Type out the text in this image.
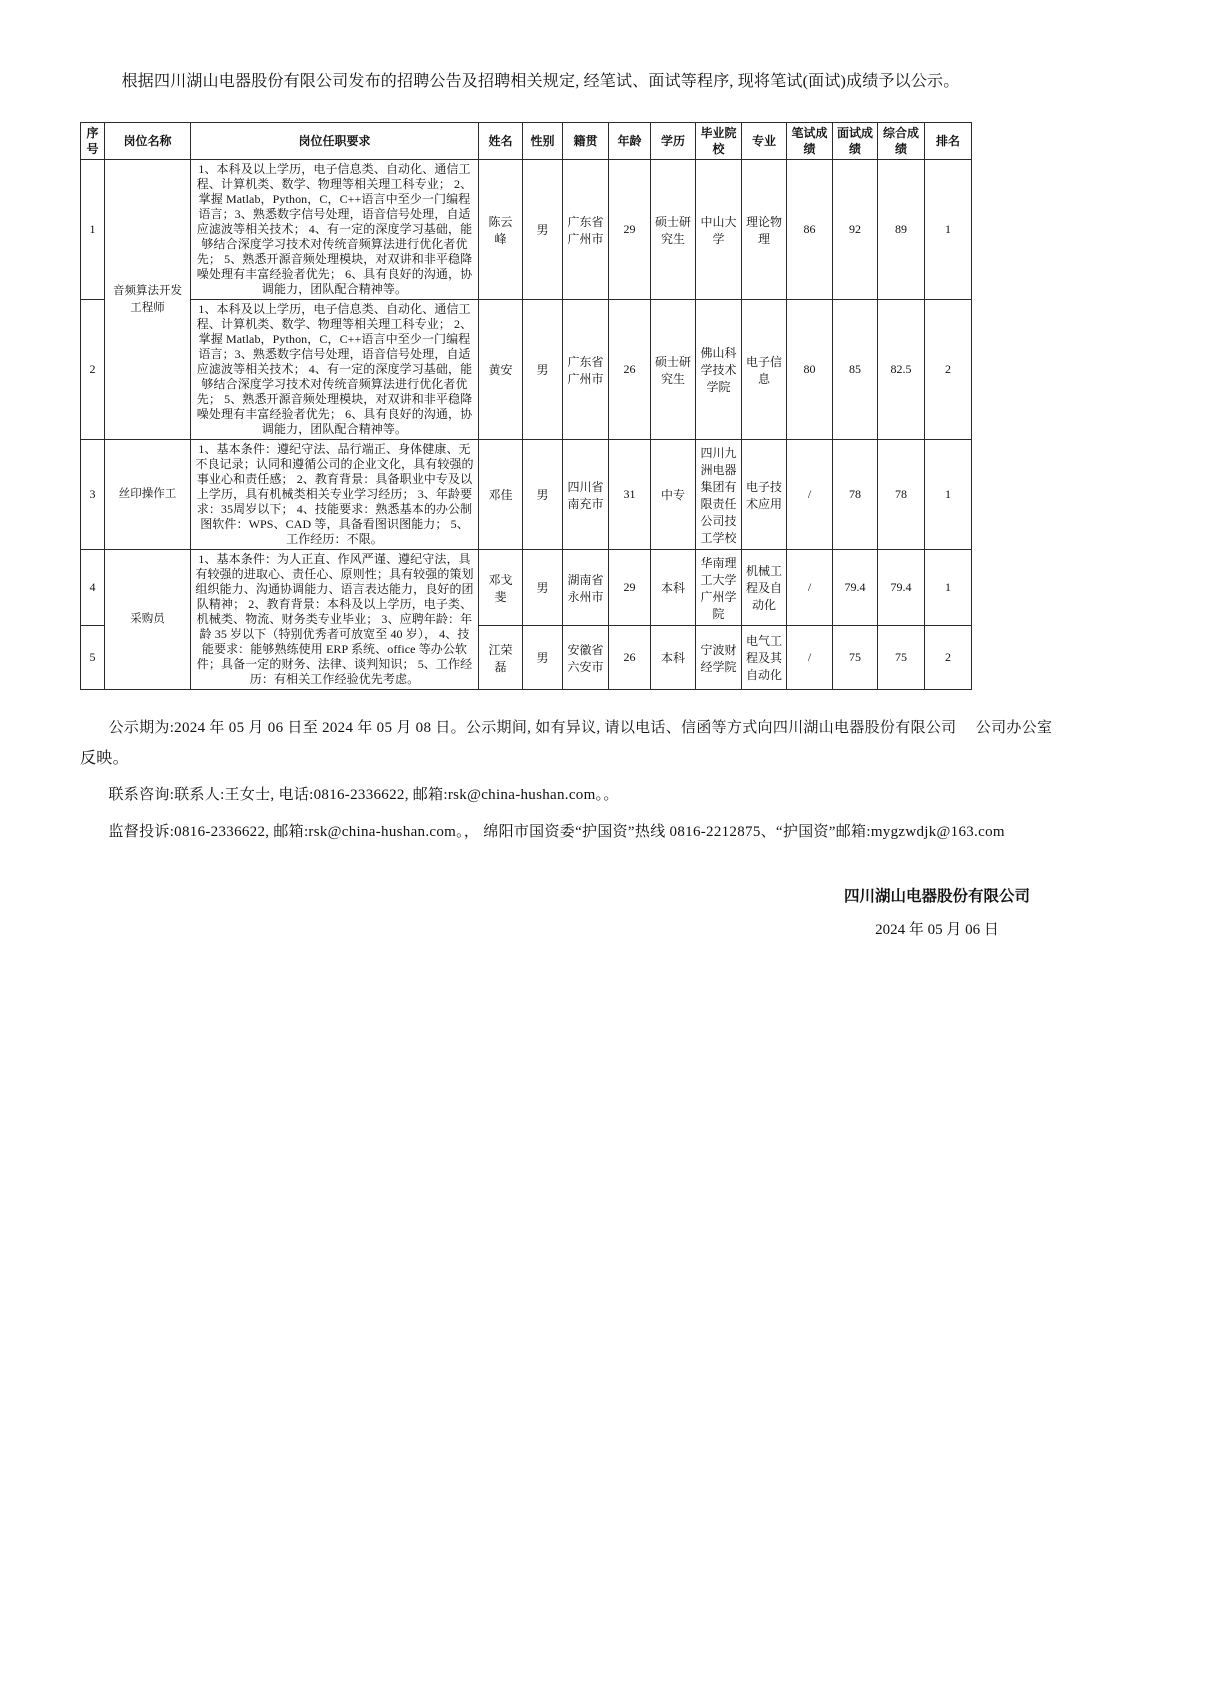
根据四川湖山电器股份有限公司发布的招聘公告及招聘相关规定, 经笔试、面试等程序, 现将笔试(面试)成绩予以公示。

序号	岗位名称	岗位任职要求	姓名	性别	籍贯	年龄	学历	毕业院校	专业	笔试成绩	面试成绩	综合成绩	排名
1	音频算法开发工程师	1、本科及以上学历，电子信息类、自动化、通信工程、计算机类、数学、物理等相关理工科专业； 2、掌握 Matlab，Python，C，C++语言中至少一门编程语言；3、熟悉数字信号处理，语音信号处理，自适应滤波等相关技术； 4、有一定的深度学习基础，能够结合深度学习技术对传统音频算法进行优化者优先； 5、熟悉开源音频处理模块，对双讲和非平稳降噪处理有丰富经验者优先； 6、具有良好的沟通，协调能力，团队配合精神等。	陈云峰	男	广东省广州市	29	硕士研究生	中山大学	理论物理	86	92	89	1
2		1、本科及以上学历，电子信息类、自动化、通信工程、计算机类、数学、物理等相关理工科专业； 2、掌握 Matlab，Python，C，C++语言中至少一门编程语言；3、熟悉数字信号处理，语音信号处理，自适应滤波等相关技术； 4、有一定的深度学习基础，能够结合深度学习技术对传统音频算法进行优化者优先； 5、熟悉开源音频处理模块，对双讲和非平稳降噪处理有丰富经验者优先； 6、具有良好的沟通，协调能力，团队配合精神等。	黄安	男	广东省广州市	26	硕士研究生	佛山科学技术学院	电子信息	80	85	82.5	2
3	丝印操作工	1、基本条件：遵纪守法、品行端正、身体健康、无不良记录；认同和遵循公司的企业文化，具有较强的事业心和责任感； 2、教育背景：具备职业中专及以上学历，具有机械类相关专业学习经历； 3、年龄要求：35周岁以下； 4、技能要求：熟悉基本的办公制图软件：WPS、CAD 等，具备看图识图能力； 5、工作经历：不限。	邓佳	男	四川省南充市	31	中专	四川九洲电器集团有限责任公司技工学校	电子技术应用	/	78	78	1
4	采购员	1、基本条件：为人正直、作风严谨、遵纪守法，具有较强的进取心、责任心、原则性；具有较强的策划组织能力、沟通协调能力、语言表达能力，良好的团队精神； 2、教育背景：本科及以上学历，电子类、机械类、物流、财务类专业毕业； 3、应聘年龄：年龄 35 岁以下（特别优秀者可放宽至 40 岁）， 4、技能要求：能够熟练使用 ERP 系统、office 等办公软件；具备一定的财务、法律、谈判知识； 5、工作经历：有相关工作经验优先考虑。	邓戈斐	男	湖南省永州市	29	本科	华南理工大学广州学院	机械工程及自动化	/	79.4	79.4	1
5			江荣磊	男	安徽省六安市	26	本科	宁波财经学院	电气工程及其自动化	/	75	75	2

公示期为:2024 年 05 月 06 日至 2024 年 05 月 08 日。公示期间, 如有异议, 请以电话、信函等方式向四川湖山电器股份有限公司　 公司办公室

反映。

联系咨询:联系人:王女士, 电话:0816-2336622, 邮箱:rsk@china-hushan.com。。

监督投诉:0816-2336622, 邮箱:rsk@china-hushan.com。， 绵阳市国资委“护国资”热线 0816-2212875、“护国资”邮箱:mygzwdjk@163.com

四川湖山电器股份有限公司

2024 年 05 月 06 日
